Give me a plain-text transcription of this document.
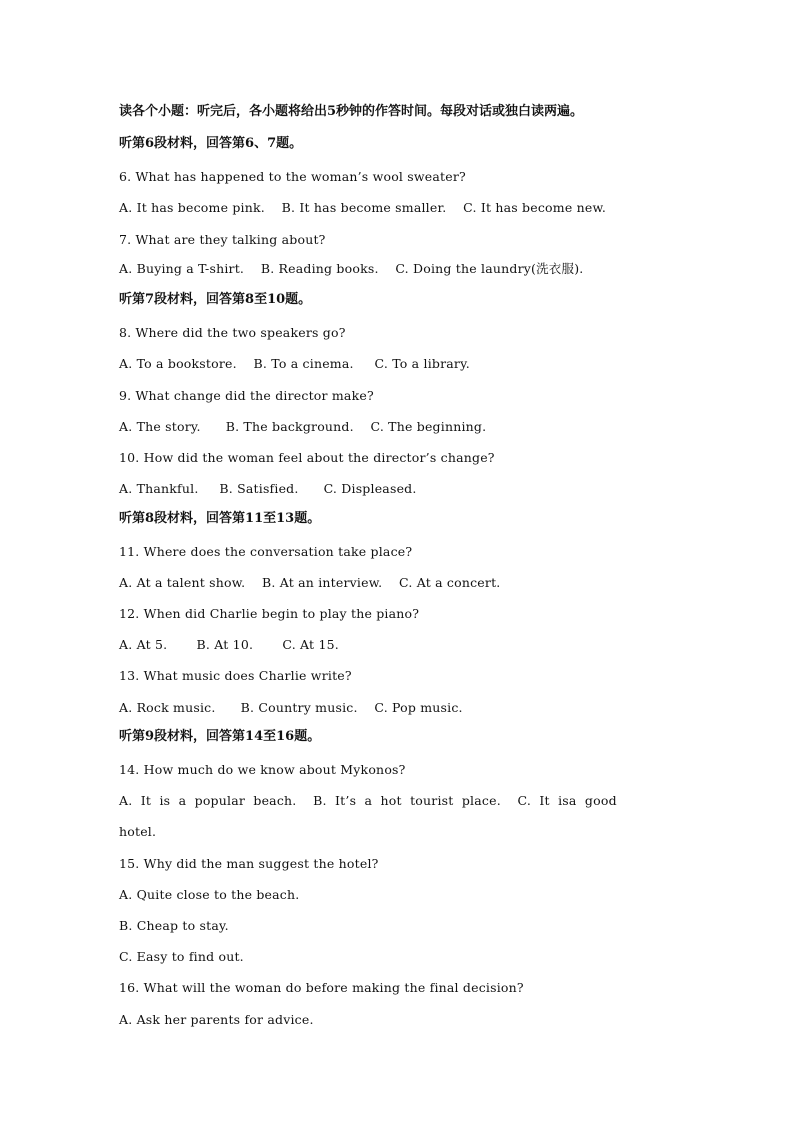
读各个小题：听完后，各小题将给出5秒钟的作答时间。每段对话或独白读两遍。
听第6段材料，回答第6、7题。
6. What has happened to the woman’s wool sweater?
A. It has become pink. B. It has become smaller. C. It has become new.
7. What are they talking about?
A. Buying a T-shirt. B. Reading books. C. Doing the laundry(洗衣服).
听第7段材料，回答第8至10题。
8. Where did the two speakers go?
A. To a bookstore. B. To a cinema. C. To a library.
9. What change did the director make?
A. The story. B. The background. C. The beginning.
10. How did the woman feel about the director’s change?
A. Thankful. B. Satisfied. C. Displeased.
听第8段材料，回答第11至13题。
11. Where does the conversation take place?
A. At a talent show. B. At an interview. C. At a concert.
12. When did Charlie begin to play the piano?
A. At 5. B. At 10. C. At 15.
13. What music does Charlie write?
A. Rock music. B. Country music. C. Pop music.
听第9段材料，回答第14至16题。
14. How much do we know about Mykonos?
A.  It  is  a  popular  beach.    B.  It’s  a  hot  tourist  place.    C.  It  isa  good
hotel.
15. Why did the man suggest the hotel?
A. Quite close to the beach.
B. Cheap to stay.
C. Easy to find out.
16. What will the woman do before making the final decision?
A. Ask her parents for advice.
